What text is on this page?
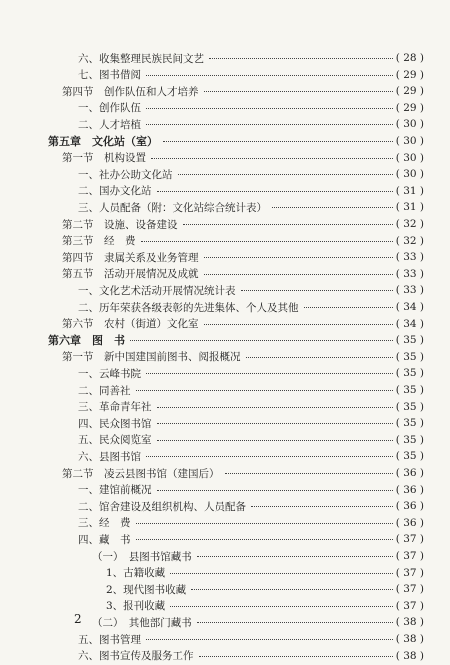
六、收集整理民族民间文艺	( 28 )
七、图书借阅	( 29 )
第四节　创作队伍和人才培养	( 29 )
一、创作队伍	( 29 )
二、人才培植	( 30 )
第五章　文化站（室）	( 30 )
第一节　机构设置	( 30 )
一、社办公助文化站	( 30 )
二、国办文化站	( 31 )
三、人员配备（附：文化站综合统计表）	( 31 )
第二节　设施、设备建设	( 32 )
第三节　经　费	( 32 )
第四节　隶属关系及业务管理	( 33 )
第五节　活动开展情况及成就	( 33 )
一、文化艺术活动开展情况统计表	( 33 )
二、历年荣获各级表彰的先进集体、个人及其他	( 34 )
第六节　农村（街道）文化室	( 34 )
第六章　图　书	( 35 )
第一节　新中国建国前图书、阅报概况	( 35 )
一、云峰书院	( 35 )
二、同善社	( 35 )
三、革命青年社	( 35 )
四、民众图书馆	( 35 )
五、民众阅览室	( 35 )
六、县图书馆	( 35 )
第二节　凌云县图书馆（建国后）	( 36 )
一、建馆前概况	( 36 )
二、馆舍建设及组织机构、人员配备	( 36 )
三、经　费	( 36 )
四、藏　书	( 37 )
（一）　县图书馆藏书	( 37 )
1、古籍收藏	( 37 )
2、现代图书收藏	( 37 )
3、报刊收藏	( 37 )
（二）　其他部门藏书	( 38 )
五、图书管理	( 38 )
六、图书宣传及服务工作	( 38 )
2
